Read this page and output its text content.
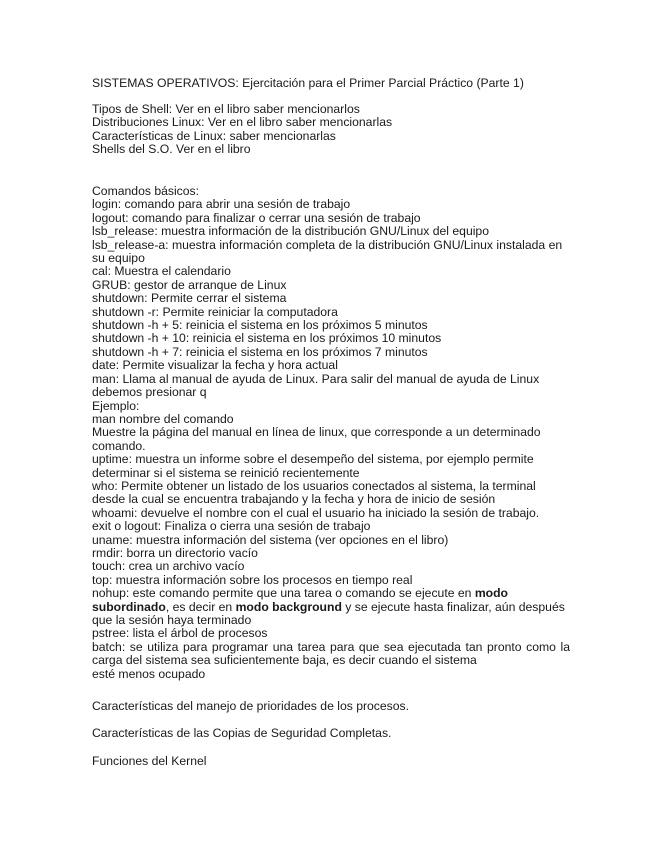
SISTEMAS OPERATIVOS: Ejercitación para el Primer Parcial Práctico (Parte 1)

Tipos de Shell: Ver en el libro saber mencionarlos

Distribuciones Linux: Ver en el libro saber mencionarlas

Características de Linux: saber mencionarlas

Shells del S.O. Ver en el libro

Comandos básicos:

login: comando para abrir una sesión de trabajo

logout: comando para finalizar o cerrar una sesión de trabajo

lsb_release: muestra información de la distribución GNU/Linux del equipo

lsb_release-a: muestra información completa de la distribución GNU/Linux instalada en su equipo

cal: Muestra el calendario

GRUB: gestor de arranque de Linux

shutdown: Permite cerrar el sistema

shutdown -r: Permite reiniciar la computadora

shutdown -h + 5: reinicia el sistema en los próximos 5 minutos

shutdown -h + 10: reinicia el sistema en los próximos 10 minutos

shutdown -h + 7: reinicia el sistema en los próximos 7 minutos

date: Permite visualizar la fecha y hora actual

man: Llama al manual de ayuda de Linux. Para salir del manual de ayuda de Linux debemos presionar q

Ejemplo:

man nombre del comando

Muestre la página del manual en línea de linux, que corresponde a un determinado comando.

uptime: muestra un informe sobre el desempeño del sistema, por ejemplo permite determinar si el sistema se reinició recientemente

who: Permite obtener un listado de los usuarios conectados al sistema, la terminal desde la cual se encuentra trabajando y la fecha y hora de inicio de sesión

whoami: devuelve el nombre con el cual el usuario ha iniciado la sesión de trabajo.

exit o logout: Finaliza o cierra una sesión de trabajo

uname: muestra información del sistema (ver opciones en el libro)

rmdir: borra un directorio vacío

touch: crea un archivo vacío

top: muestra información sobre los procesos en tiempo real

nohup: este comando permite que una tarea o comando se ejecute en modo subordinado, es decir en modo background y se ejecute hasta finalizar, aún después que la sesión haya terminado

pstree: lista el árbol de procesos

batch: se utiliza para programar una tarea para que sea ejecutada tan pronto como la carga del sistema sea suficientemente baja, es decir cuando el sistema

esté menos ocupado

Características del manejo de prioridades de los procesos.
Características de las Copias de Seguridad Completas.
Funciones del Kernel
